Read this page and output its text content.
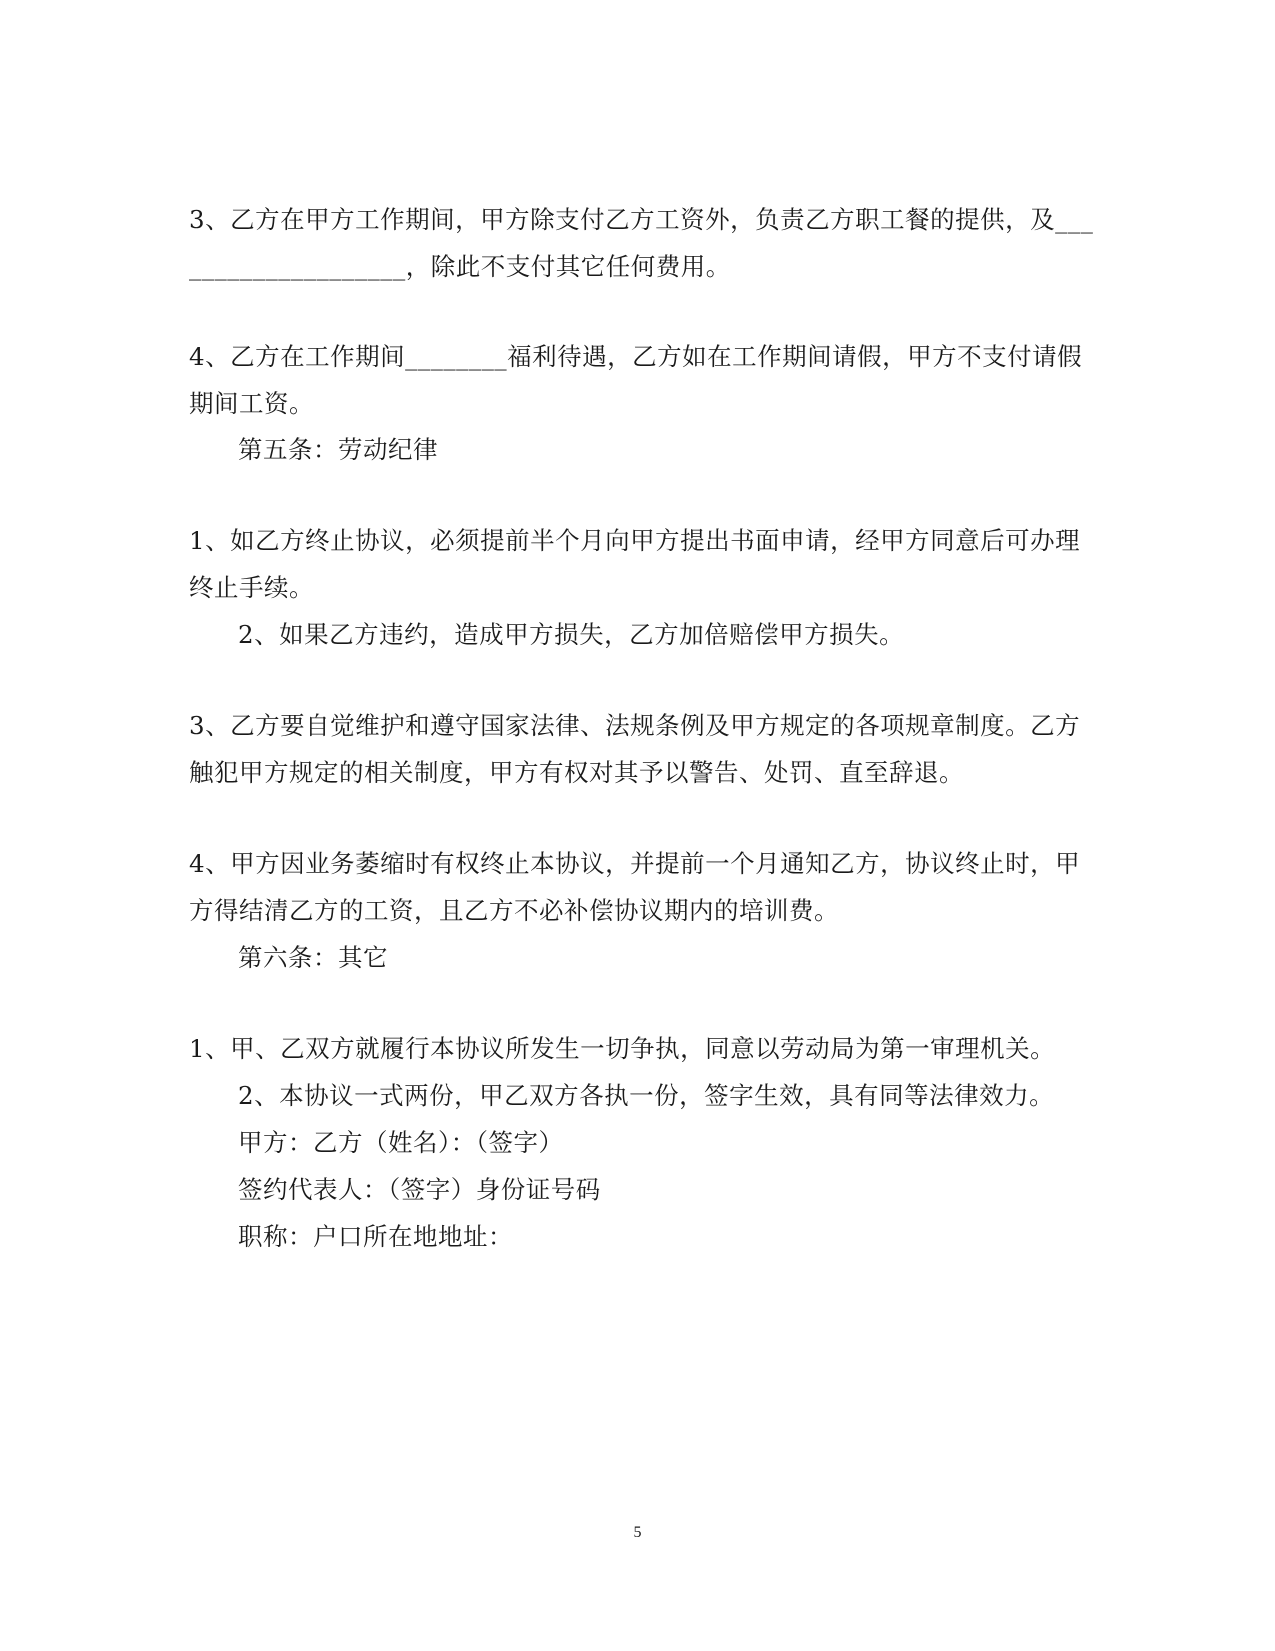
3、乙方在甲方工作期间，甲方除支付乙方工资外，负责乙方职工餐的提供，及___
_________________，除此不支付其它任何费用。
4、乙方在工作期间________福利待遇，乙方如在工作期间请假，甲方不支付请假
期间工资。
第五条：劳动纪律
1、如乙方终止协议，必须提前半个月向甲方提出书面申请，经甲方同意后可办理
终止手续。
2、如果乙方违约，造成甲方损失，乙方加倍赔偿甲方损失。
3、乙方要自觉维护和遵守国家法律、法规条例及甲方规定的各项规章制度。乙方
触犯甲方规定的相关制度，甲方有权对其予以警告、处罚、直至辞退。
4、甲方因业务萎缩时有权终止本协议，并提前一个月通知乙方，协议终止时，甲
方得结清乙方的工资，且乙方不必补偿协议期内的培训费。
第六条：其它
1、甲、乙双方就履行本协议所发生一切争执，同意以劳动局为第一审理机关。
2、本协议一式两份，甲乙双方各执一份，签字生效，具有同等法律效力。
甲方：乙方（姓名）：（签字）
签约代表人：（签字）身份证号码
职称：户口所在地地址：
5
